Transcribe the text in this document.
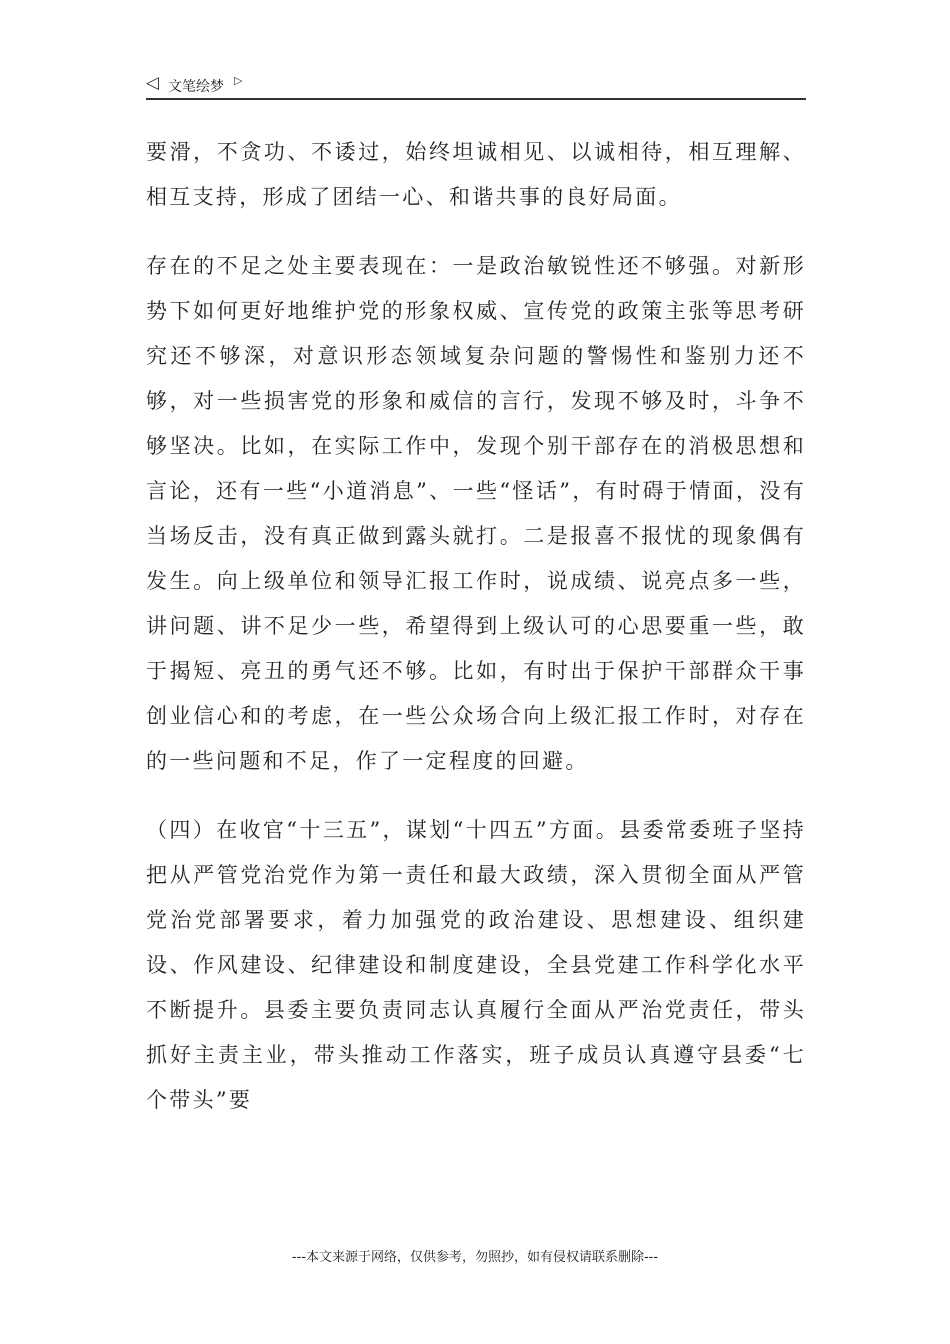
◁ 文笔绘梦 ▷

要滑，不贪功、不诿过，始终坦诚相见、以诚相待，相互理解、相互支持，形成了团结一心、和谐共事的良好局面。

存在的不足之处主要表现在：一是政治敏锐性还不够强。对新形势下如何更好地维护党的形象权威、宣传党的政策主张等思考研究还不够深，对意识形态领域复杂问题的警惕性和鉴别力还不够，对一些损害党的形象和威信的言行，发现不够及时，斗争不够坚决。比如，在实际工作中，发现个别干部存在的消极思想和言论，还有一些“小道消息”、一些“怪话”，有时碍于情面，没有当场反击，没有真正做到露头就打。二是报喜不报忧的现象偶有发生。向上级单位和领导汇报工作时，说成绩、说亮点多一些，讲问题、讲不足少一些，希望得到上级认可的心思要重一些，敢于揭短、亮丑的勇气还不够。比如，有时出于保护干部群众干事创业信心和的考虑，在一些公众场合向上级汇报工作时，对存在的一些问题和不足，作了一定程度的回避。

（四）在收官“十三五”，谋划“十四五”方面。县委常委班子坚持把从严管党治党作为第一责任和最大政绩，深入贯彻全面从严管党治党部署要求，着力加强党的政治建设、思想建设、组织建设、作风建设、纪律建设和制度建设，全县党建工作科学化水平不断提升。县委主要负责同志认真履行全面从严治党责任，带头抓好主责主业，带头推动工作落实，班子成员认真遵守县委“七个带头”要

---本文来源于网络，仅供参考，勿照抄，如有侵权请联系删除---
